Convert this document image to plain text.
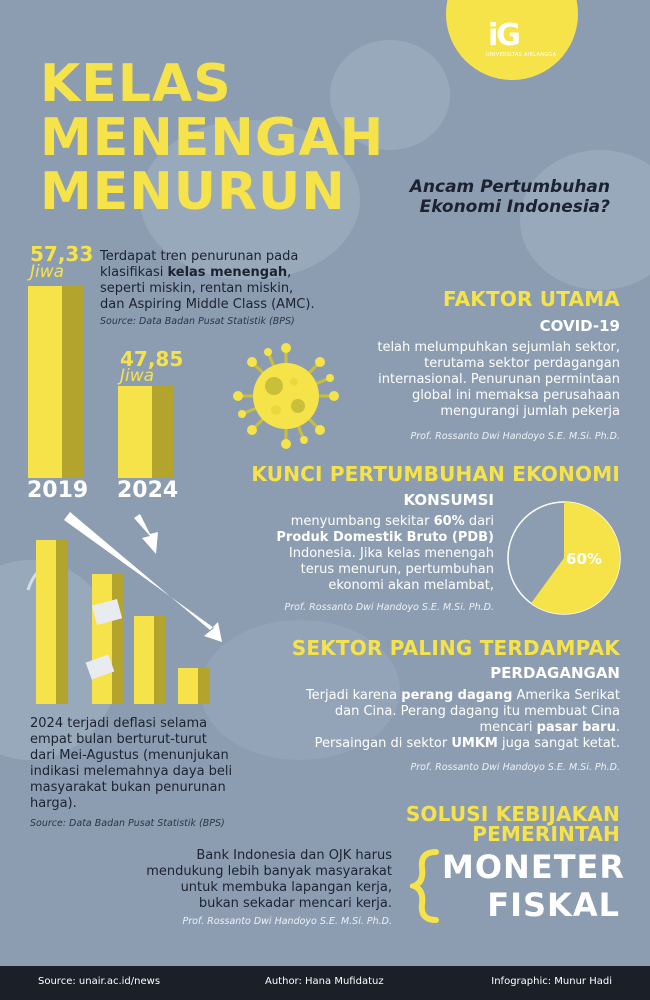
iG
UNIVERSITAS AIRLANGGA
KELAS
MENENGAH
MENURUN	Ancam Pertumbuhan
Ekonomi Indonesia?
57,33
Jiwa
2019
47,85
Jiwa
2024
Terdapat tren penurunan pada
klasifikasi kelas menengah,
seperti miskin, rentan miskin,
dan Aspiring Middle Class (AMC).
Source: Data Badan Pusat Statistik (BPS)
FAKTOR UTAMA
COVID-19
telah melumpuhkan sejumlah sektor,
terutama sektor perdagangan
internasional. Penurunan permintaan
global ini memaksa perusahaan
mengurangi jumlah pekerja
Prof. Rossanto Dwi Handoyo S.E. M.Si. Ph.D.
KUNCI PERTUMBUHAN EKONOMI
KONSUMSI
menyumbang sekitar 60% dari
Produk Domestik Bruto (PDB)
Indonesia. Jika kelas menengah
terus menurun, pertumbuhan
ekonomi akan melambat,
Prof. Rossanto Dwi Handoyo S.E. M.Si. Ph.D.
60%
2024 terjadi deflasi selama
empat bulan berturut-turut
dari Mei-Agustus (menunjukan
indikasi melemahnya daya beli
masyarakat bukan penurunan
harga).
Source: Data Badan Pusat Statistik (BPS)
SEKTOR PALING TERDAMPAK
PERDAGANGAN
Terjadi karena perang dagang Amerika Serikat
dan Cina. Perang dagang itu membuat Cina
mencari pasar baru.
Persaingan di sektor UMKM juga sangat ketat.
Prof. Rossanto Dwi Handoyo S.E. M.Si. Ph.D.
SOLUSI KEBIJAKAN
PEMERINTAH
Bank Indonesia dan OJK harus
mendukung lebih banyak masyarakat
untuk membuka lapangan kerja,
bukan sekadar mencari kerja.
Prof. Rossanto Dwi Handoyo S.E. M.Si. Ph.D.
MONETER
FISKAL
Source: unair.ac.id/news	Author: Hana Mufidatuz	Infographic: Munur Hadi
